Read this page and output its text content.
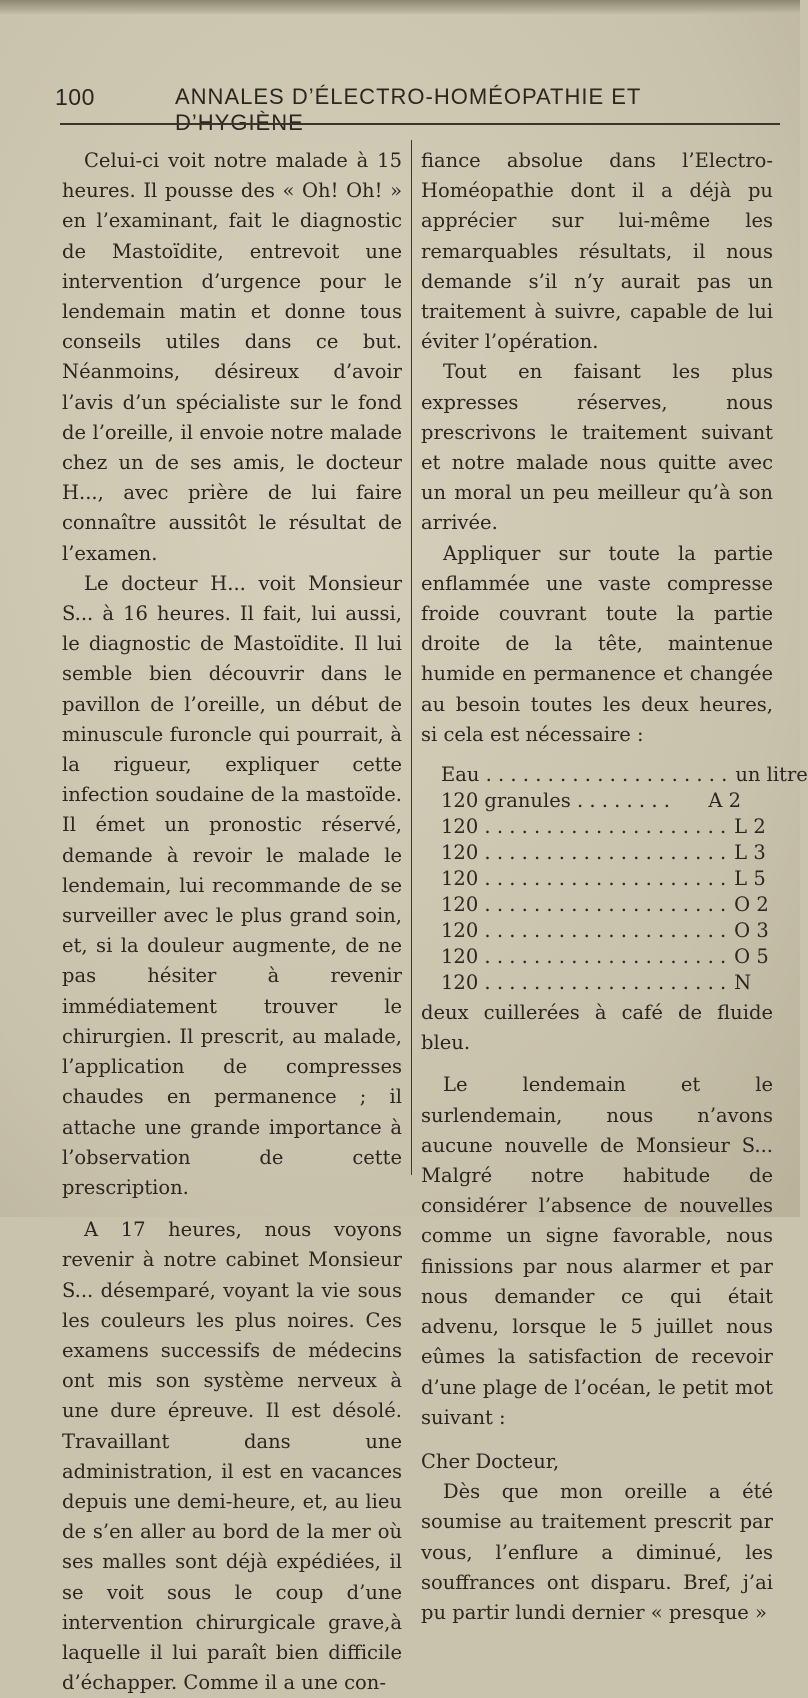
100	ANNALES D’ÉLECTRO-HOMÉOPATHIE ET D’HYGIÈNE

Celui-ci voit notre malade à 15 heures. Il pousse des « Oh! Oh! » en l’examinant, fait le diagnostic de Mastoïdite, entrevoit une intervention d’urgence pour le lendemain matin et donne tous conseils utiles dans ce but. Néanmoins, désireux d’avoir l’avis d’un spécialiste sur le fond de l’oreille, il envoie notre malade chez un de ses amis, le docteur H..., avec prière de lui faire connaître aussitôt le résultat de l’examen.

Le docteur H... voit Monsieur S... à 16 heures. Il fait, lui aussi, le diagnostic de Mastoïdite. Il lui semble bien découvrir dans le pavillon de l’oreille, un début de minuscule furoncle qui pourrait, à la rigueur, expliquer cette infection soudaine de la mastoïde. Il émet un pronostic réservé, demande à revoir le malade le lendemain, lui recommande de se surveiller avec le plus grand soin, et, si la douleur augmente, de ne pas hésiter à revenir immédiatement trouver le chirurgien. Il prescrit, au malade, l’application de compresses chaudes en permanence ; il attache une grande importance à l’observation de cette prescription.

A 17 heures, nous voyons revenir à notre cabinet Monsieur S... désemparé, voyant la vie sous les couleurs les plus noires. Ces examens successifs de médecins ont mis son système nerveux à une dure épreuve. Il est désolé. Travaillant dans une administration, il est en vacances depuis une demi-heure, et, au lieu de s’en aller au bord de la mer où ses malles sont déjà expédiées, il se voit sous le coup d’une intervention chirurgicale grave,à laquelle il lui paraît bien difficile d’échapper. Comme il a une con-

fiance absolue dans l’Electro-Homéopathie dont il a déjà pu apprécier sur lui-même les remarquables résultats, il nous demande s’il n’y aurait pas un traitement à suivre, capable de lui éviter l’opération.

Tout en faisant les plus expresses réserves, nous prescrivons le traitement suivant et notre malade nous quitte avec un moral un peu meilleur qu’à son arrivée.

Appliquer sur toute la partie enflammée une vaste compresse froide couvrant toute la partie droite de la tête, maintenue humide en permanence et changée au besoin toutes les deux heures, si cela est nécessaire :

Eau . . . . . . . . . . . . . . . . . . . . un litre
120 granules . . . . . . . . A 2
120 . . . . . . . . . . . . . . . . . . . . L 2
120 . . . . . . . . . . . . . . . . . . . . L 3
120 . . . . . . . . . . . . . . . . . . . . L 5
120 . . . . . . . . . . . . . . . . . . . . O 2
120 . . . . . . . . . . . . . . . . . . . . O 3
120 . . . . . . . . . . . . . . . . . . . . O 5
120 . . . . . . . . . . . . . . . . . . . . N

deux cuillerées à café de fluide bleu.

Le lendemain et le surlendemain, nous n’avons aucune nouvelle de Monsieur S... Malgré notre habitude de considérer l’absence de nouvelles comme un signe favorable, nous finissions par nous alarmer et par nous demander ce qui était advenu, lorsque le 5 juillet nous eûmes la satisfaction de recevoir d’une plage de l’océan, le petit mot suivant :

Cher Docteur,

Dès que mon oreille a été soumise au traitement prescrit par vous, l’enflure a diminué, les souffrances ont disparu. Bref, j’ai pu partir lundi dernier « presque »
